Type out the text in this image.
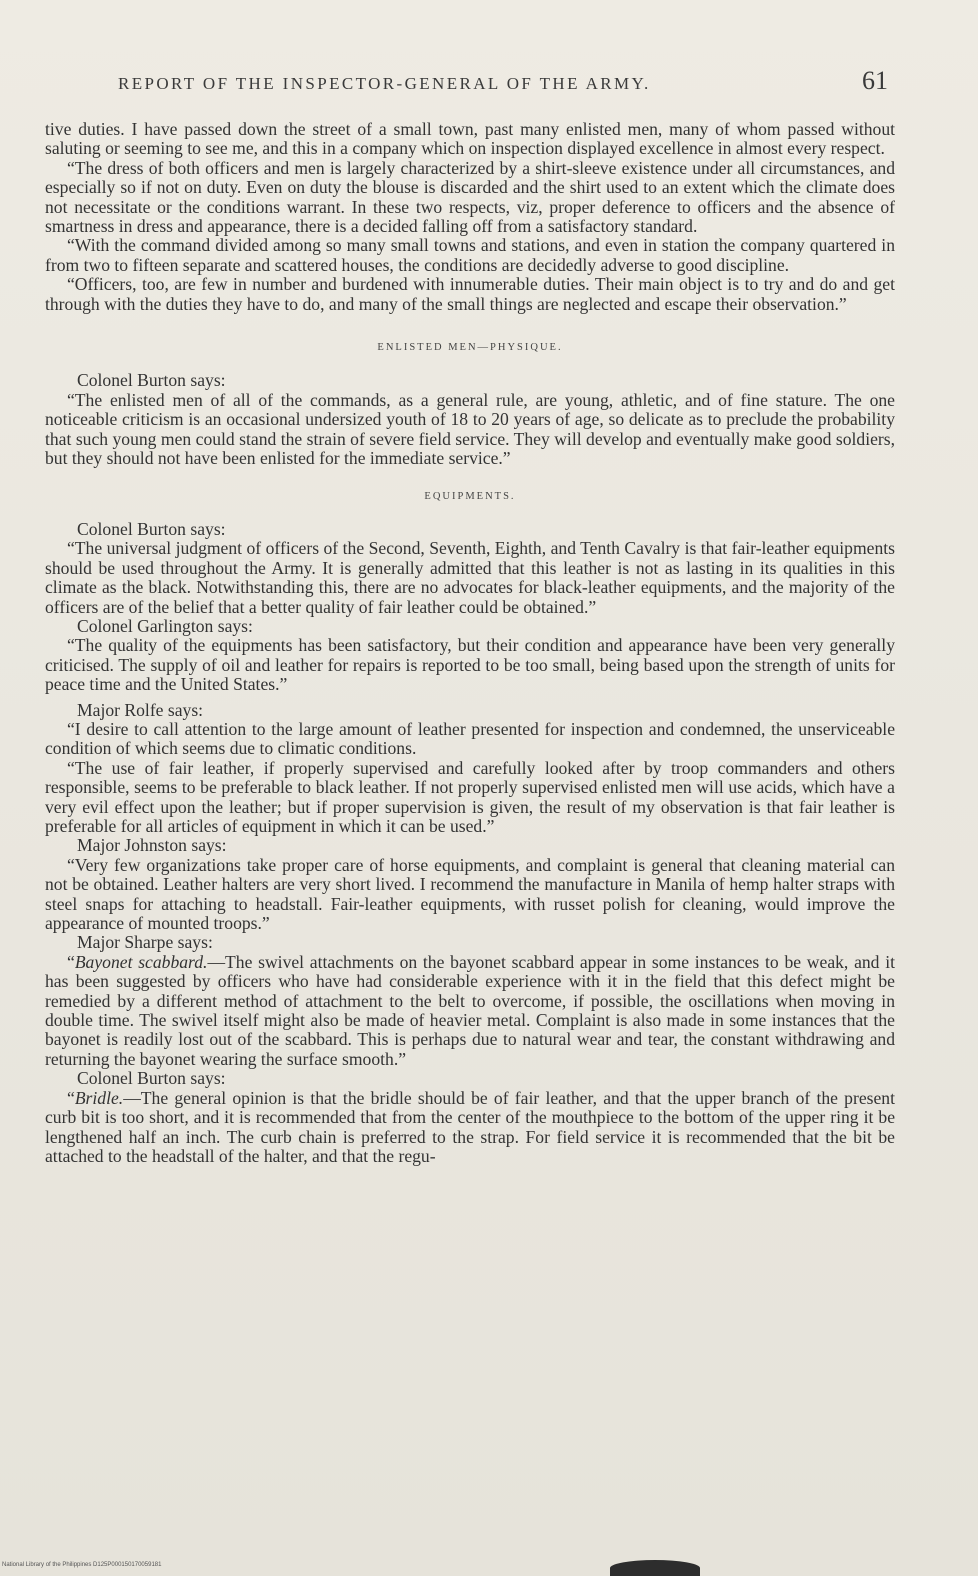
REPORT OF THE INSPECTOR-GENERAL OF THE ARMY.	61

tive duties. I have passed down the street of a small town, past many enlisted men, many of whom passed without saluting or seeming to see me, and this in a company which on inspection displayed excellence in almost every respect.

“The dress of both officers and men is largely characterized by a shirt-sleeve existence under all circumstances, and especially so if not on duty. Even on duty the blouse is discarded and the shirt used to an extent which the climate does not necessitate or the conditions warrant. In these two respects, viz, proper deference to officers and the absence of smartness in dress and appearance, there is a decided falling off from a satisfactory standard.

“With the command divided among so many small towns and stations, and even in station the company quartered in from two to fifteen separate and scattered houses, the conditions are decidedly adverse to good discipline.

“Officers, too, are few in number and burdened with innumerable duties. Their main object is to try and do and get through with the duties they have to do, and many of the small things are neglected and escape their observation.”

ENLISTED MEN—PHYSIQUE.

Colonel Burton says:

“The enlisted men of all of the commands, as a general rule, are young, athletic, and of fine stature. The one noticeable criticism is an occasional undersized youth of 18 to 20 years of age, so delicate as to preclude the probability that such young men could stand the strain of severe field service. They will develop and eventually make good soldiers, but they should not have been enlisted for the immediate service.”

EQUIPMENTS.

Colonel Burton says:

“The universal judgment of officers of the Second, Seventh, Eighth, and Tenth Cavalry is that fair-leather equipments should be used throughout the Army. It is generally admitted that this leather is not as lasting in its qualities in this climate as the black. Notwithstanding this, there are no advocates for black-leather equipments, and the majority of the officers are of the belief that a better quality of fair leather could be obtained.”

Colonel Garlington says:

“The quality of the equipments has been satisfactory, but their condition and appearance have been very generally criticised. The supply of oil and leather for repairs is reported to be too small, being based upon the strength of units for peace time and the United States.”

Major Rolfe says:

“I desire to call attention to the large amount of leather presented for inspection and condemned, the unserviceable condition of which seems due to climatic conditions.

“The use of fair leather, if properly supervised and carefully looked after by troop commanders and others responsible, seems to be preferable to black leather. If not properly supervised enlisted men will use acids, which have a very evil effect upon the leather; but if proper supervision is given, the result of my observation is that fair leather is preferable for all articles of equipment in which it can be used.”

Major Johnston says:

“Very few organizations take proper care of horse equipments, and complaint is general that cleaning material can not be obtained. Leather halters are very short lived. I recommend the manufacture in Manila of hemp halter straps with steel snaps for attaching to headstall. Fair-leather equipments, with russet polish for cleaning, would improve the appearance of mounted troops.”

Major Sharpe says:

“Bayonet scabbard.—The swivel attachments on the bayonet scabbard appear in some instances to be weak, and it has been suggested by officers who have had considerable experience with it in the field that this defect might be remedied by a different method of attachment to the belt to overcome, if possible, the oscillations when moving in double time. The swivel itself might also be made of heavier metal. Complaint is also made in some instances that the bayonet is readily lost out of the scabbard. This is perhaps due to natural wear and tear, the constant withdrawing and returning the bayonet wearing the surface smooth.”

Colonel Burton says:

“Bridle.—The general opinion is that the bridle should be of fair leather, and that the upper branch of the present curb bit is too short, and it is recommended that from the center of the mouthpiece to the bottom of the upper ring it be lengthened half an inch. The curb chain is preferred to the strap. For field service it is recommended that the bit be attached to the headstall of the halter, and that the regu-

National Library of the Philippines D125P000150170059181
